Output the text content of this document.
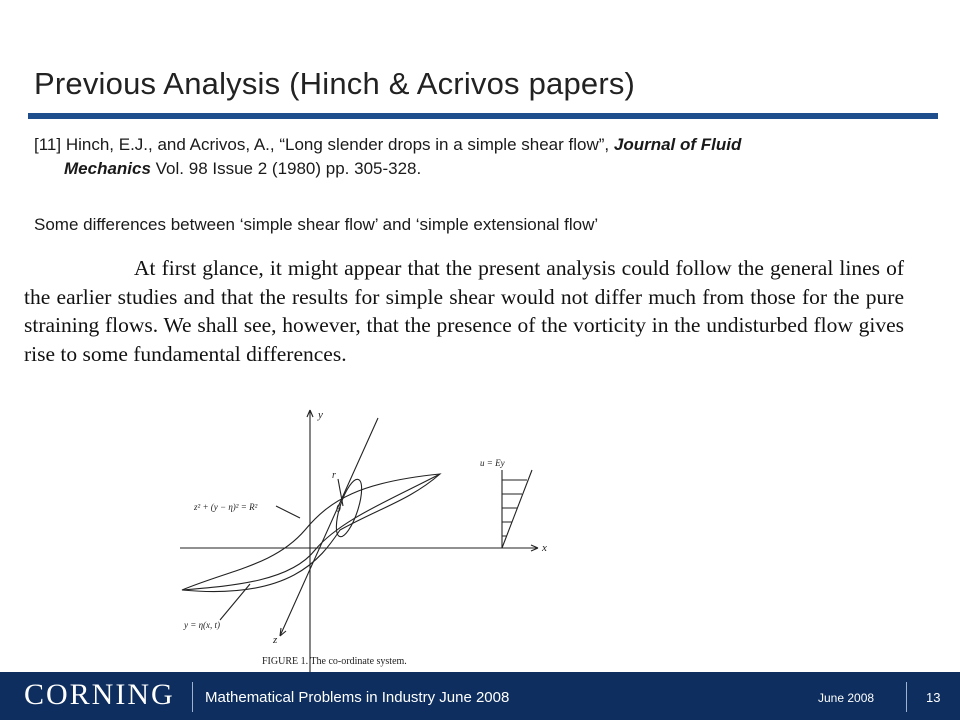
Previous Analysis (Hinch & Acrivos papers)
[11] Hinch, E.J., and Acrivos, A., “Long slender drops in a simple shear flow”, Journal of Fluid
Mechanics Vol. 98 Issue 2 (1980) pp. 305-328.
Some differences between ‘simple shear flow’ and ‘simple extensional flow’
At first glance, it might appear that the present analysis could follow the general lines of the earlier studies and that the results for simple shear would not differ much from those for the pure straining flows. We shall see, however, that the presence of the vorticity in the undisturbed flow gives rise to some fundamental differences.
y
x
z
r
θ
u = Ey
z² + (y − η)² = R²
y = η(x, t)
FIGURE 1. The co-ordinate system.
CORNING Mathematical Problems in Industry June 2008	June 2008	13
